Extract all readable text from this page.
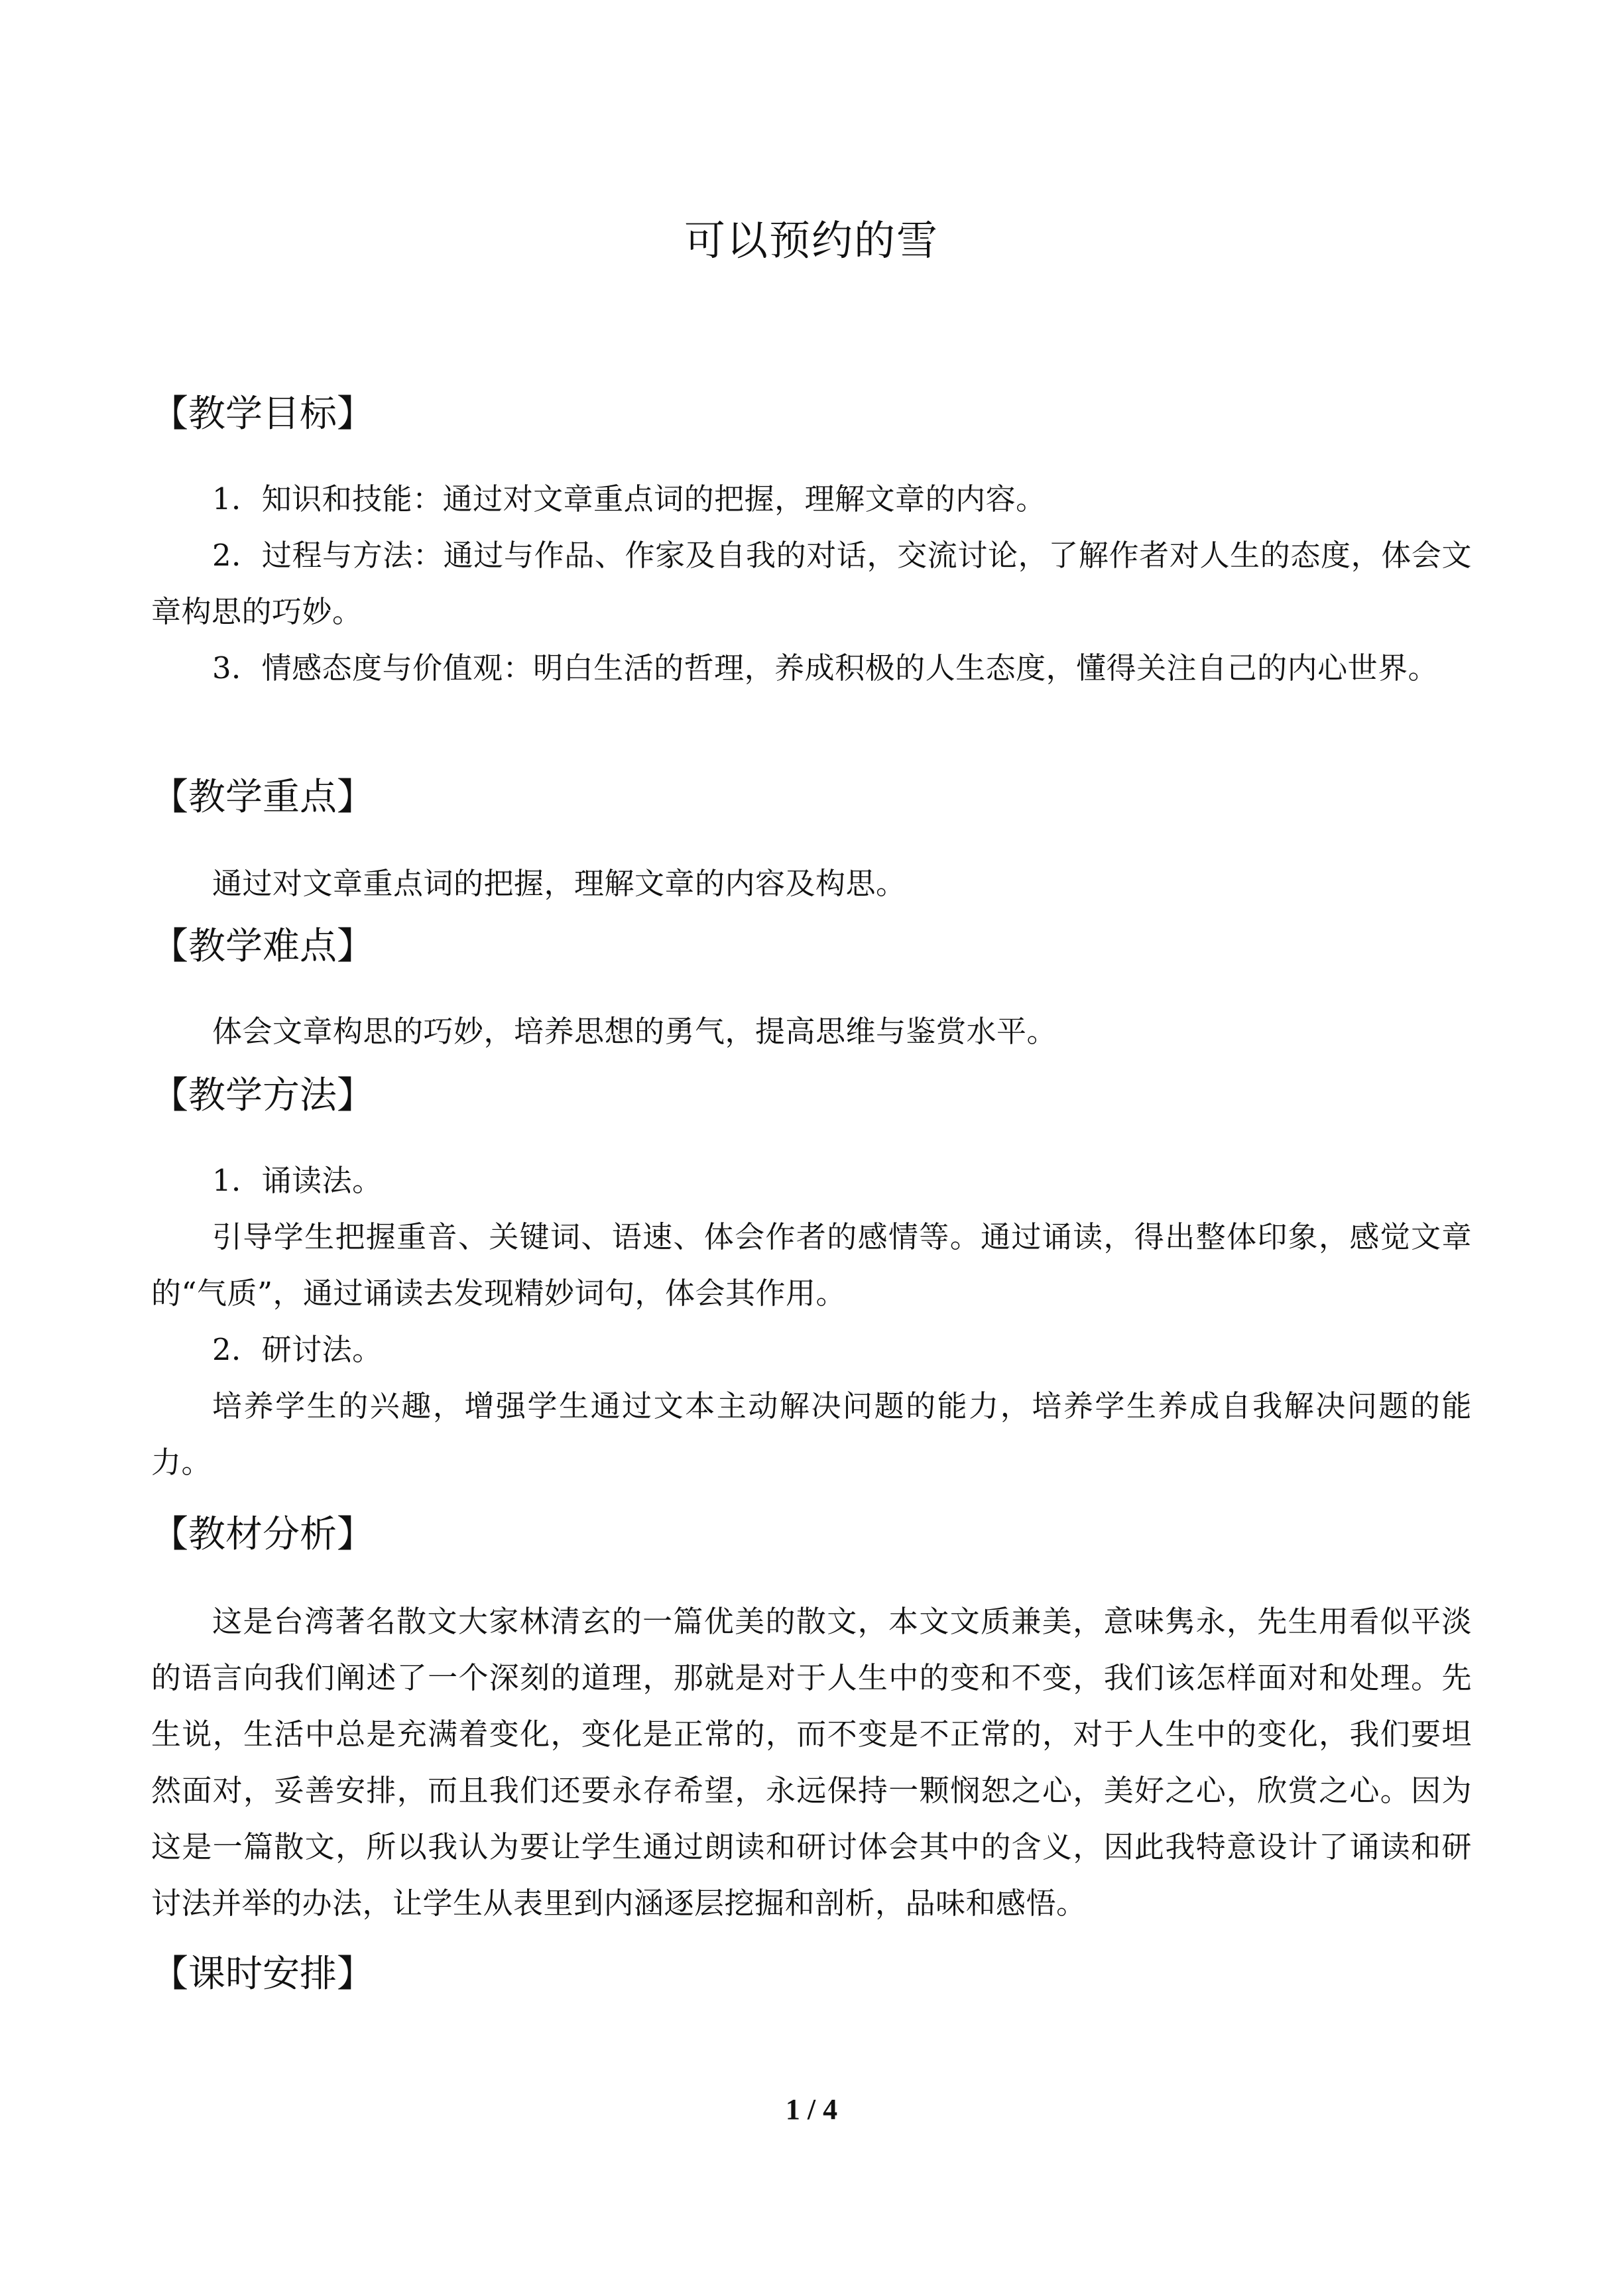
可以预约的雪
【教学目标】

1．知识和技能：通过对文章重点词的把握，理解文章的内容。

2．过程与方法：通过与作品、作家及自我的对话，交流讨论，了解作者对人生的态度，体会文章构思的巧妙。

3．情感态度与价值观：明白生活的哲理，养成积极的人生态度，懂得关注自己的内心世界。

【教学重点】

通过对文章重点词的把握，理解文章的内容及构思。

【教学难点】

体会文章构思的巧妙，培养思想的勇气，提高思维与鉴赏水平。

【教学方法】

1．诵读法。

引导学生把握重音、关键词、语速、体会作者的感情等。通过诵读，得出整体印象，感觉文章的“气质”，通过诵读去发现精妙词句，体会其作用。

2．研讨法。

培养学生的兴趣，增强学生通过文本主动解决问题的能力，培养学生养成自我解决问题的能力。

【教材分析】

这是台湾著名散文大家林清玄的一篇优美的散文，本文文质兼美，意味隽永，先生用看似平淡的语言向我们阐述了一个深刻的道理，那就是对于人生中的变和不变，我们该怎样面对和处理。先生说，生活中总是充满着变化，变化是正常的，而不变是不正常的，对于人生中的变化，我们要坦然面对，妥善安排，而且我们还要永存希望，永远保持一颗悯恕之心，美好之心，欣赏之心。因为这是一篇散文，所以我认为要让学生通过朗读和研讨体会其中的含义，因此我特意设计了诵读和研讨法并举的办法，让学生从表里到内涵逐层挖掘和剖析，品味和感悟。

【课时安排】
1 / 4
